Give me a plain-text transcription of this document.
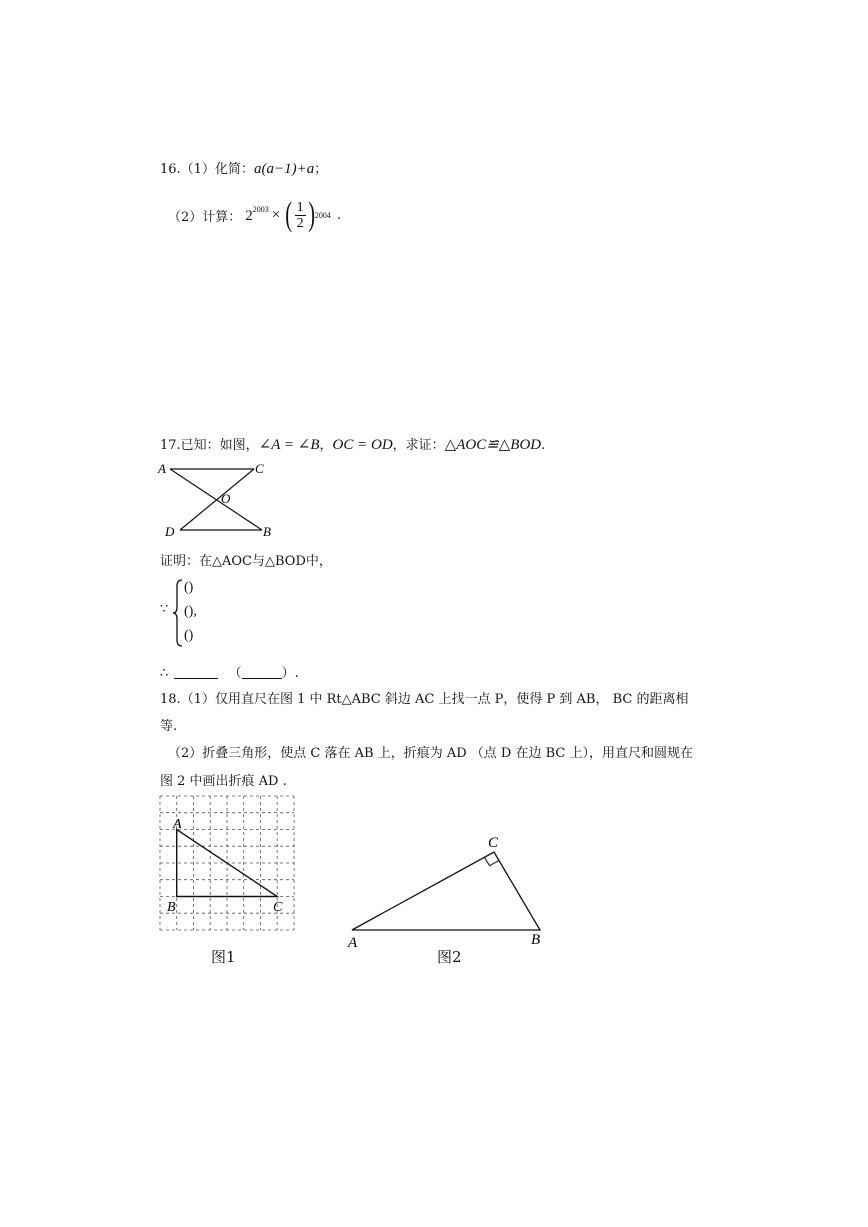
16.（1）化简：a(a−1)+a；
（2）计算： $2^{2003}$ × ( $\frac{1}{2}$ ) 2004 .
17.已知：如图，∠A = ∠B，OC = OD，求证：△AOC≌△BOD.
A	C
O
D	B
证明：在△AOC与△BOD中，
∵
()
(),
()
∴	（	）.
18.（1）仅用直尺在图 1 中 Rt△ABC 斜边 AC 上找一点 P，使得 P 到 AB， BC 的距离相
等.
（2）折叠三角形，使点 C 落在 AB 上，折痕为 AD （点 D 在边 BC 上），用直尺和圆规在
图 2 中画出折痕 AD .
A
B	C
图1
C
A	B
图2
